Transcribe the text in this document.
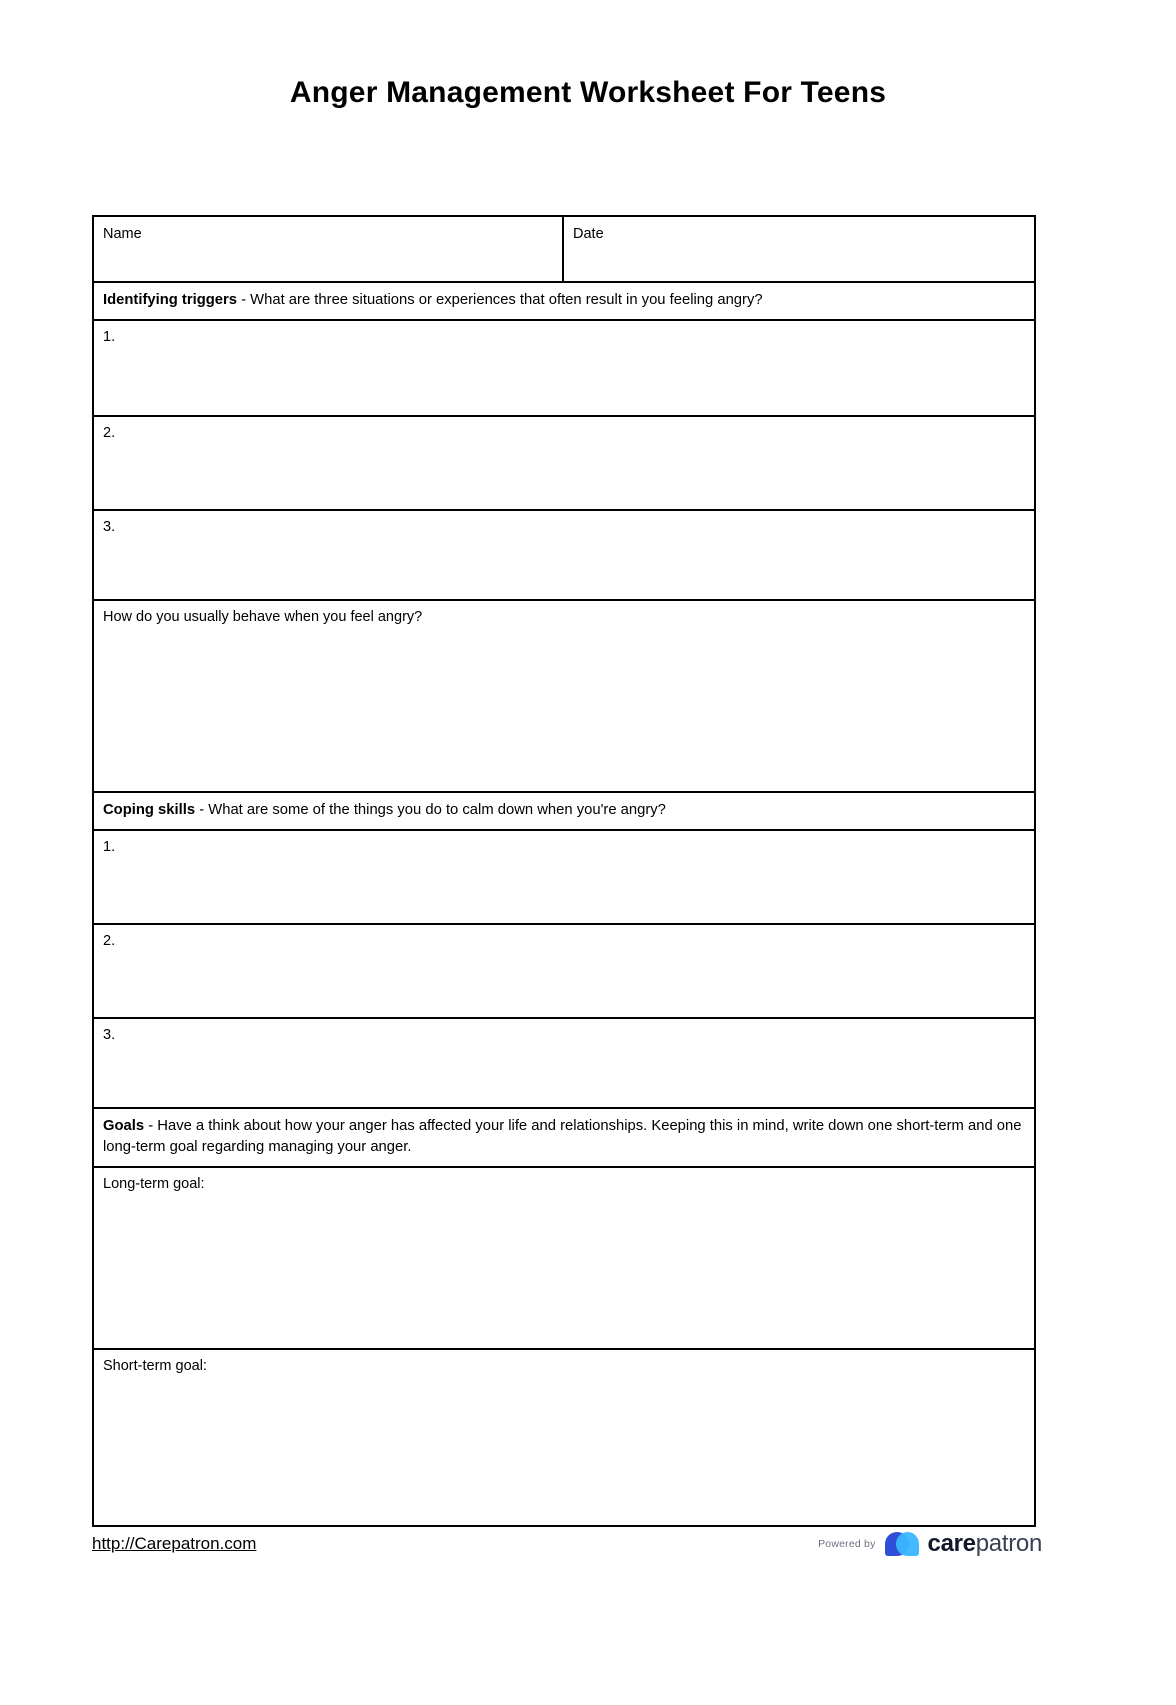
Anger Management Worksheet For Teens
Name	Date
Identifying triggers - What are three situations or experiences that often result in you feeling angry?
1.
2.
3.
How do you usually behave when you feel angry?
Coping skills - What are some of the things you do to calm down when you're angry?
1.
2.
3.
Goals - Have a think about how your anger has affected your life and relationships. Keeping this in mind, write down one short-term and one long-term goal regarding managing your anger.
Long-term goal:
Short-term goal:
http://Carepatron.com	Powered by carepatron
